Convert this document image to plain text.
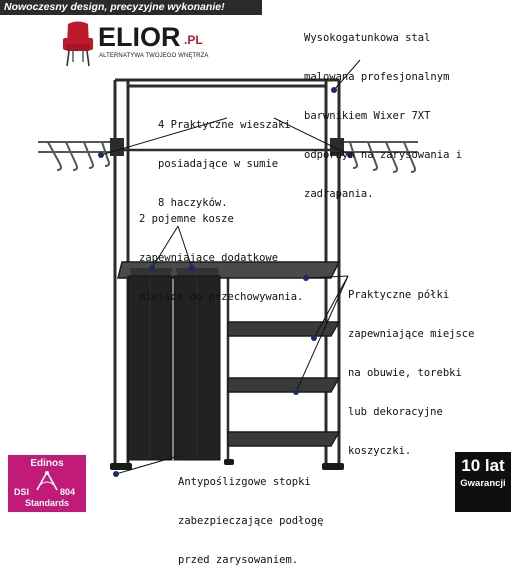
Nowoczesny design, precyzyjne wykonanie!
ELIOR .PL
ALTERNATYWA TWOJEGO WNĘTRZA

Wysokogatunkowa stal

malowana profesjonalnym

barwnikiem Wixer 7XT

odpornym na zarysowania i

zadrapania.

4 Praktyczne wieszaki

posiadające w sumie

8 haczyków.

2 pojemne kosze

zapewniające dodatkowe

miejsce do przechowywania.

	Praktyczne półki

zapewniające miejsce

na obuwie, torebki

lub dekoracyjne

koszyczki.

Antypoślizgowe stopki

zabezpieczające podłogę

przed zarysowaniem.

Edinos
DSI	804
Standards
10 lat
Gwarancji
